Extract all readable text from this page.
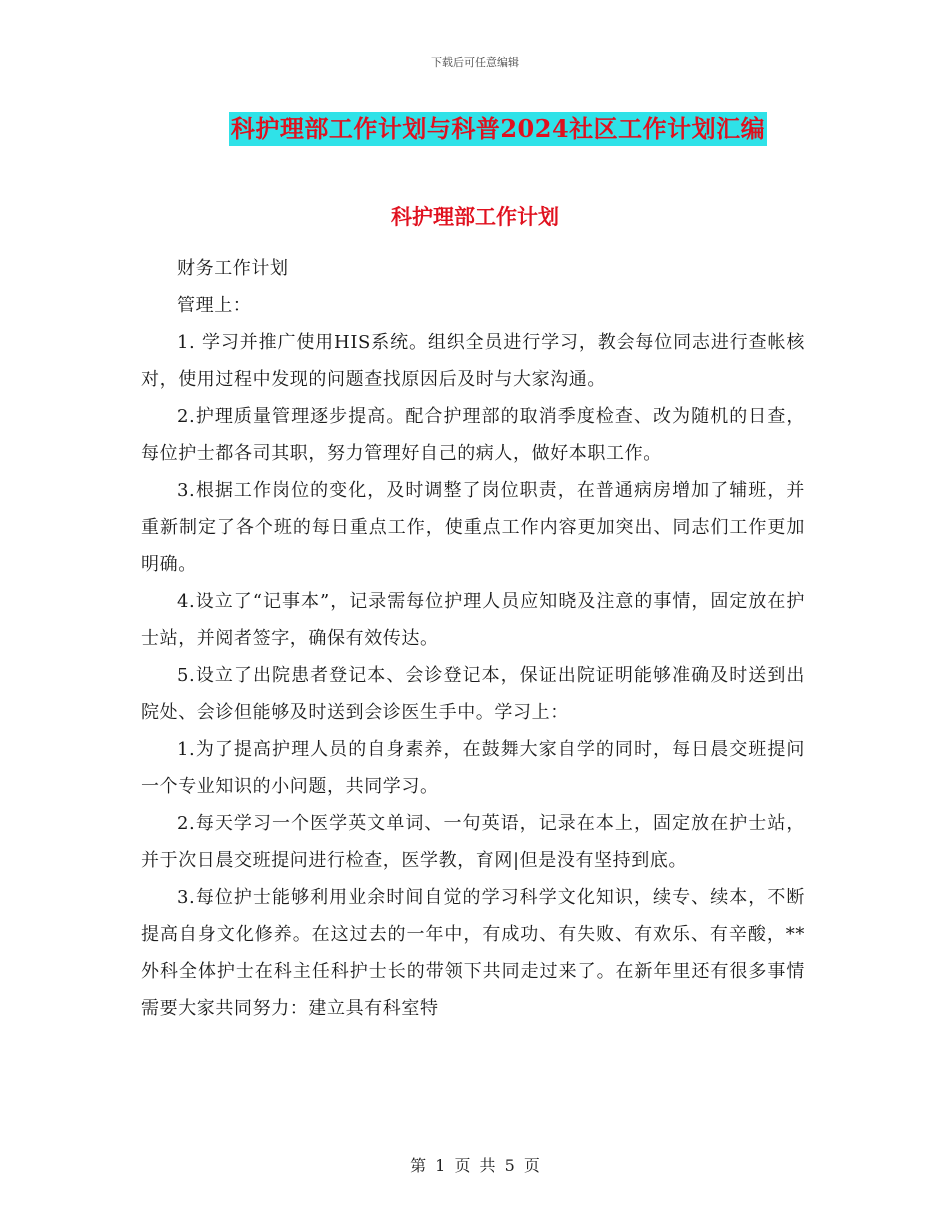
下载后可任意编辑
科护理部工作计划与科普2024社区工作计划汇编
科护理部工作计划

财务工作计划

管理上：

1. 学习并推广使用HIS系统。组织全员进行学习，教会每位同志进行查帐核对，使用过程中发现的问题查找原因后及时与大家沟通。

2.护理质量管理逐步提高。配合护理部的取消季度检查、改为随机的日查，每位护士都各司其职，努力管理好自己的病人，做好本职工作。

3.根据工作岗位的变化，及时调整了岗位职责，在普通病房增加了辅班，并重新制定了各个班的每日重点工作，使重点工作内容更加突出、同志们工作更加明确。

4.设立了“记事本”，记录需每位护理人员应知晓及注意的事情，固定放在护士站，并阅者签字，确保有效传达。

5.设立了出院患者登记本、会诊登记本，保证出院证明能够准确及时送到出院处、会诊但能够及时送到会诊医生手中。学习上：

1.为了提高护理人员的自身素养，在鼓舞大家自学的同时，每日晨交班提问一个专业知识的小问题，共同学习。

2.每天学习一个医学英文单词、一句英语，记录在本上，固定放在护士站，并于次日晨交班提问进行检查，医学教，育网|但是没有坚持到底。

3.每位护士能够利用业余时间自觉的学习科学文化知识，续专、续本，不断提高自身文化修养。在这过去的一年中，有成功、有失败、有欢乐、有辛酸，**外科全体护士在科主任科护士长的带领下共同走过来了。在新年里还有很多事情需要大家共同努力：建立具有科室特

第 1 页 共 5 页
